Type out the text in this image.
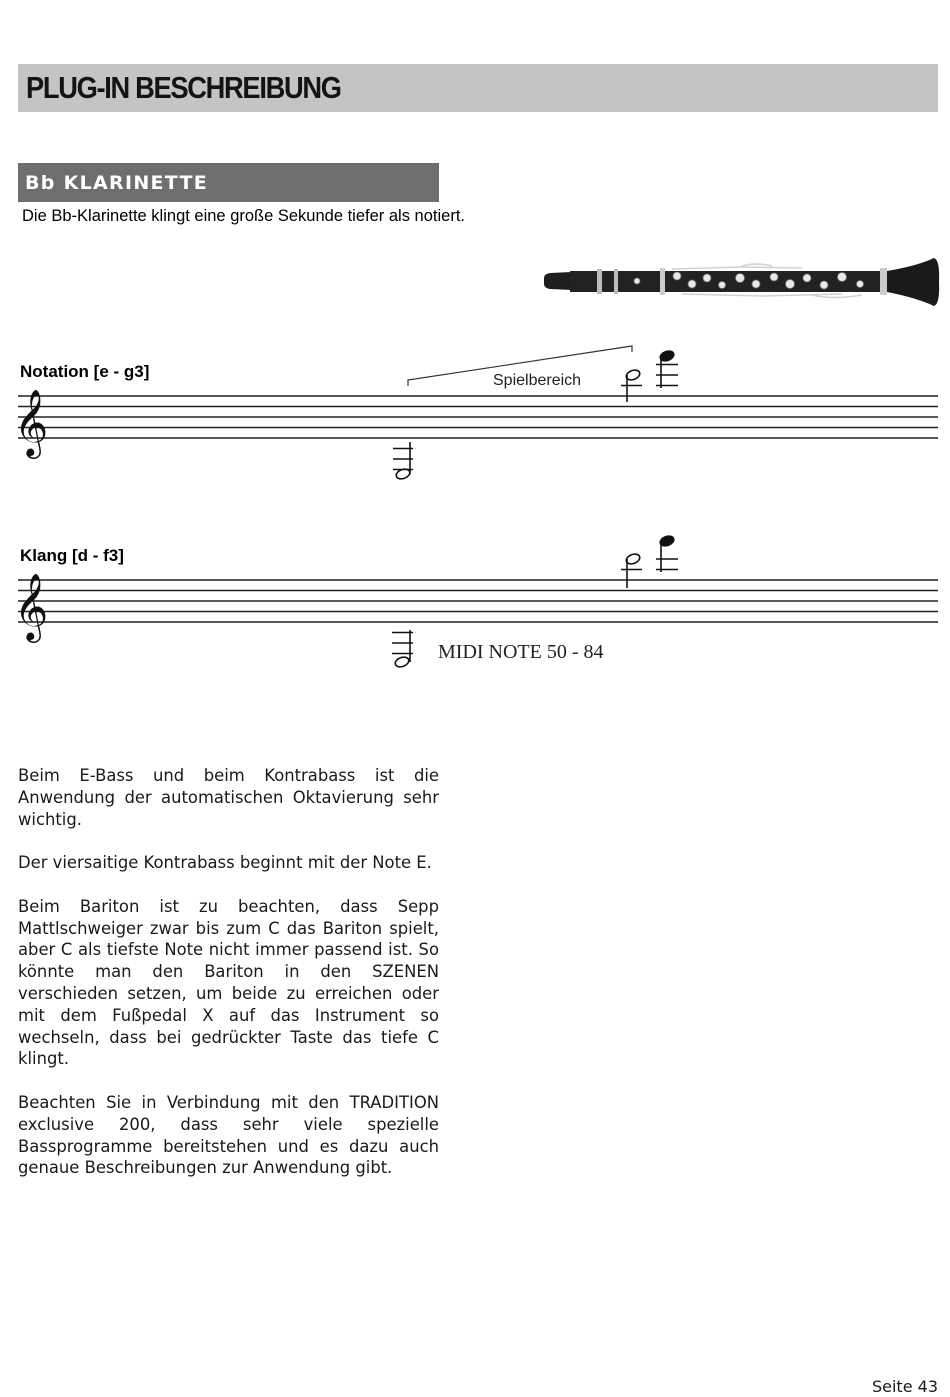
PLUG-IN BESCHREIBUNG
Bb KLARINETTE
Die Bb-Klarinette klingt eine große Sekunde tiefer als notiert.
Notation [e - g3]	Spielbereich
Klang [d - f3]
MIDI NOTE 50 - 84
𝄞
𝄞

Beim E-Bass und beim Kontrabass ist die Anwendung der automatischen Oktavierung sehr wichtig.

Der viersaitige Kontrabass beginnt mit der Note E.

Beim Bariton ist zu beachten, dass Sepp Mattlschweiger zwar bis zum C das Bariton spielt, aber C als tiefste Note nicht immer passend ist. So könnte man den Bariton in den SZENEN verschieden setzen, um beide zu erreichen oder mit dem Fußpedal X auf das Instrument so wechseln, dass bei gedrückter Taste das tiefe C klingt.

Beachten Sie in Verbindung mit den TRADITION exclusive 200, dass sehr viele spezielle Bassprogramme bereitstehen und es dazu auch genaue Beschreibungen zur Anwendung gibt.

Seite 43
